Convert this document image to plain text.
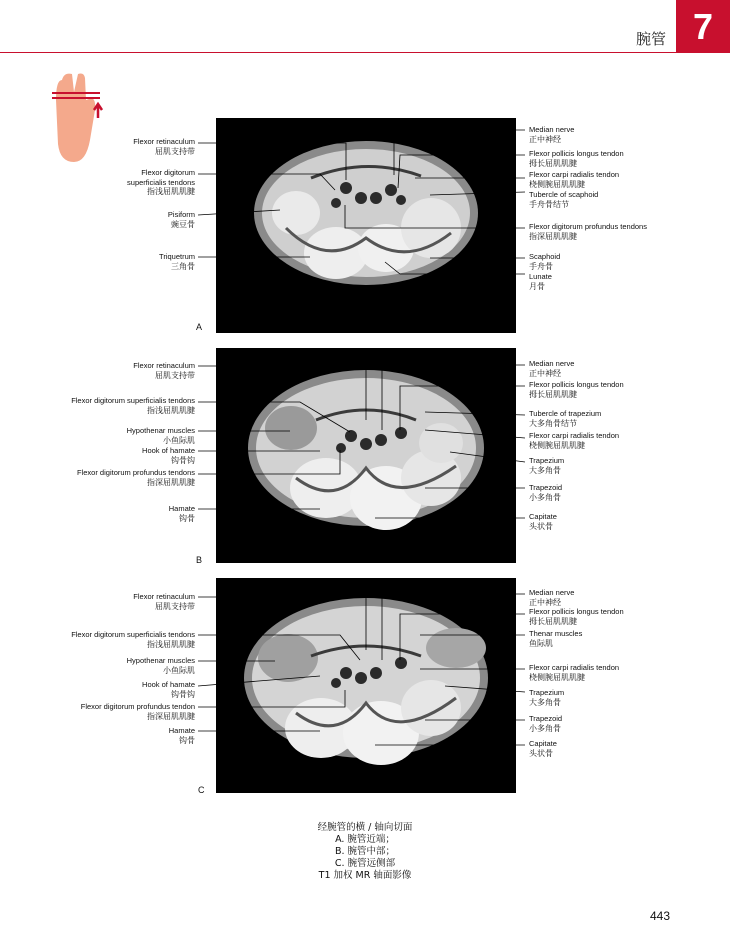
腕管 7
A
B
C
Flexor retinaculum
屈肌支持带
Flexor digitorum
superficialis tendons
指浅屈肌肌腱
Pisiform
豌豆骨
Triquetrum
三角骨
Median nerve
正中神经
Flexor pollicis longus tendon
拇长屈肌肌腱
Flexor carpi radialis tendon
桡侧腕屈肌肌腱
Tubercle of scaphoid
手舟骨结节
Flexor digitorum profundus tendons
指深屈肌肌腱
Scaphoid
手舟骨
Lunate
月骨
Flexor retinaculum
屈肌支持带
Flexor digitorum superficialis tendons
指浅屈肌肌腱
Hypothenar muscles
小鱼际肌
Hook of hamate
钩骨钩
Flexor digitorum profundus tendons
指深屈肌肌腱
Hamate
钩骨
Median nerve
正中神经
Flexor pollicis longus tendon
拇长屈肌肌腱
Tubercle of trapezium
大多角骨结节
Flexor carpi radialis tendon
桡侧腕屈肌肌腱
Trapezium
大多角骨
Trapezoid
小多角骨
Capitate
头状骨
Flexor retinaculum
屈肌支持带
Flexor digitorum superficialis tendons
指浅屈肌肌腱
Hypothenar muscles
小鱼际肌
Hook of hamate
钩骨钩
Flexor digitorum profundus tendon
指深屈肌肌腱
Hamate
钩骨
Median nerve
正中神经
Flexor pollicis longus tendon
拇长屈肌肌腱
Thenar muscles
鱼际肌
Flexor carpi radialis tendon
桡侧腕屈肌肌腱
Trapezium
大多角骨
Trapezoid
小多角骨
Capitate
头状骨
经腕管的横 / 轴向切面
A. 腕管近端；
B. 腕管中部；
C. 腕管远侧部
T1 加权 MR 轴面影像
443
